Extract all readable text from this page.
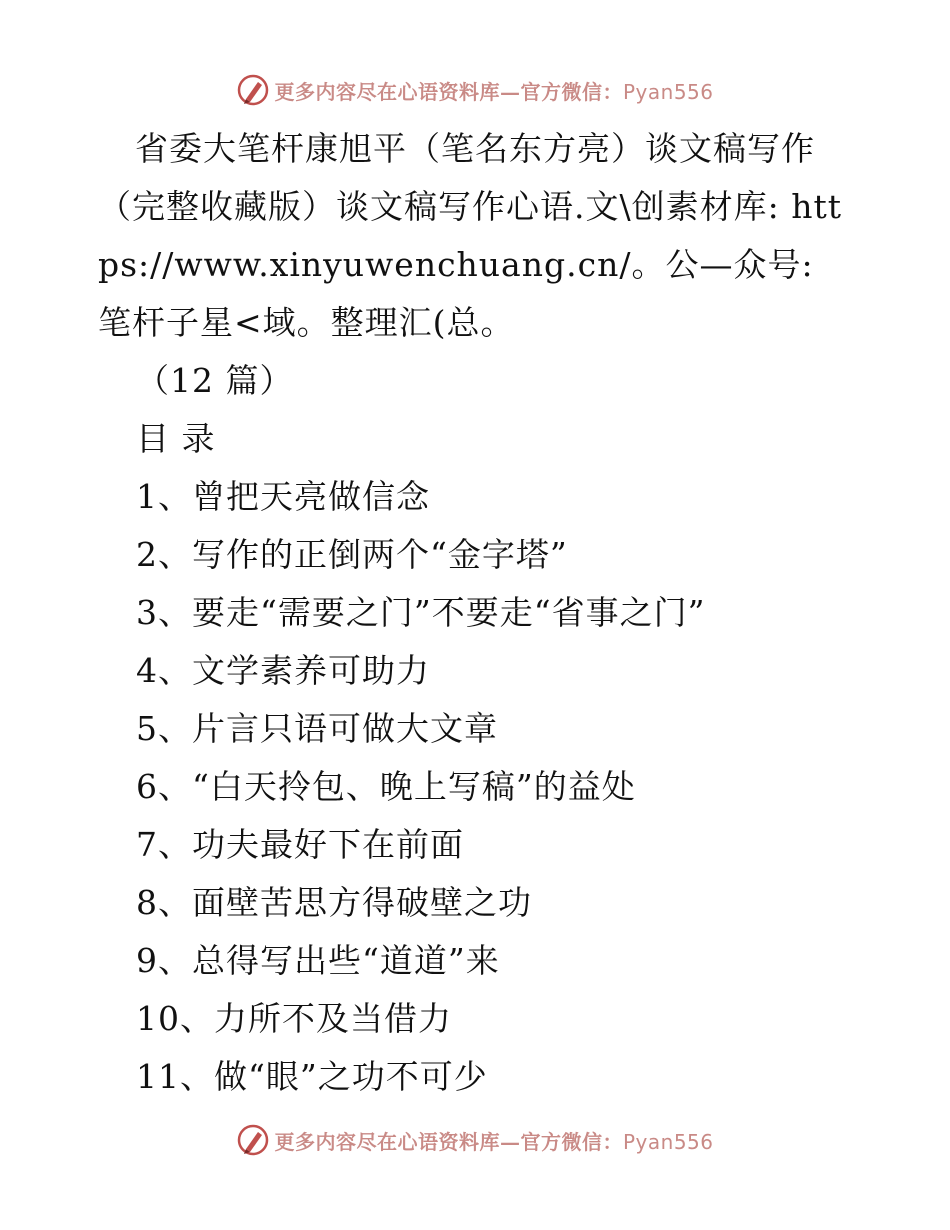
更多内容尽在心语资料库—官方微信：Pyan556
省委大笔杆康旭平（笔名东方亮）谈文稿写作（完整收藏版）谈文稿写作心语.文\创素材库: https://www.xinyuwenchuang.cn/。公—众号: 笔杆子星<域。整理汇(总。
（12 篇）
目 录
1、曾把天亮做信念
2、写作的正倒两个“金字塔”
3、要走“需要之门”不要走“省事之门”
4、文学素养可助力
5、片言只语可做大文章
6、“白天拎包、晚上写稿”的益处
7、功夫最好下在前面
8、面壁苦思方得破壁之功
9、总得写出些“道道”来
10、力所不及当借力
11、做“眼”之功不可少
更多内容尽在心语资料库—官方微信：Pyan556
